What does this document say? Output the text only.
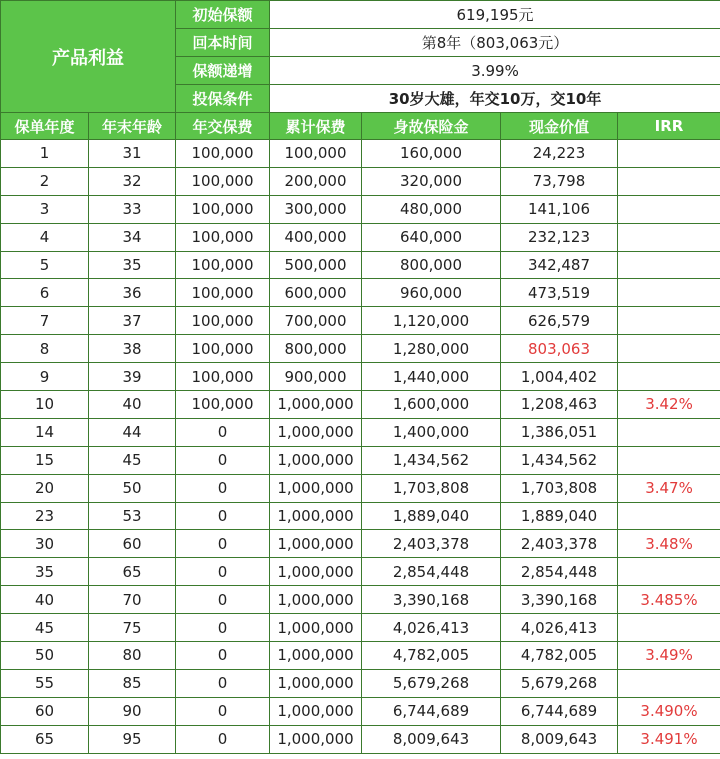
产品利益		初始保额	619,195元			
		回本时间	第8年（803,063元）			
		保额递增	3.99%			
		投保条件	30岁大雄，年交10万，交10年			
保单年度	年末年龄	年交保费	累计保费	身故保险金	现金价值	IRR
1	31	100,000	100,000	160,000	24,223	
2	32	100,000	200,000	320,000	73,798	
3	33	100,000	300,000	480,000	141,106	
4	34	100,000	400,000	640,000	232,123	
5	35	100,000	500,000	800,000	342,487	
6	36	100,000	600,000	960,000	473,519	
7	37	100,000	700,000	1,120,000	626,579	
8	38	100,000	800,000	1,280,000	803,063	
9	39	100,000	900,000	1,440,000	1,004,402	
10	40	100,000	1,000,000	1,600,000	1,208,463	3.42%
14	44	0	1,000,000	1,400,000	1,386,051	
15	45	0	1,000,000	1,434,562	1,434,562	
20	50	0	1,000,000	1,703,808	1,703,808	3.47%
23	53	0	1,000,000	1,889,040	1,889,040	
30	60	0	1,000,000	2,403,378	2,403,378	3.48%
35	65	0	1,000,000	2,854,448	2,854,448	
40	70	0	1,000,000	3,390,168	3,390,168	3.485%
45	75	0	1,000,000	4,026,413	4,026,413	
50	80	0	1,000,000	4,782,005	4,782,005	3.49%
55	85	0	1,000,000	5,679,268	5,679,268	
60	90	0	1,000,000	6,744,689	6,744,689	3.490%
65	95	0	1,000,000	8,009,643	8,009,643	3.491%
